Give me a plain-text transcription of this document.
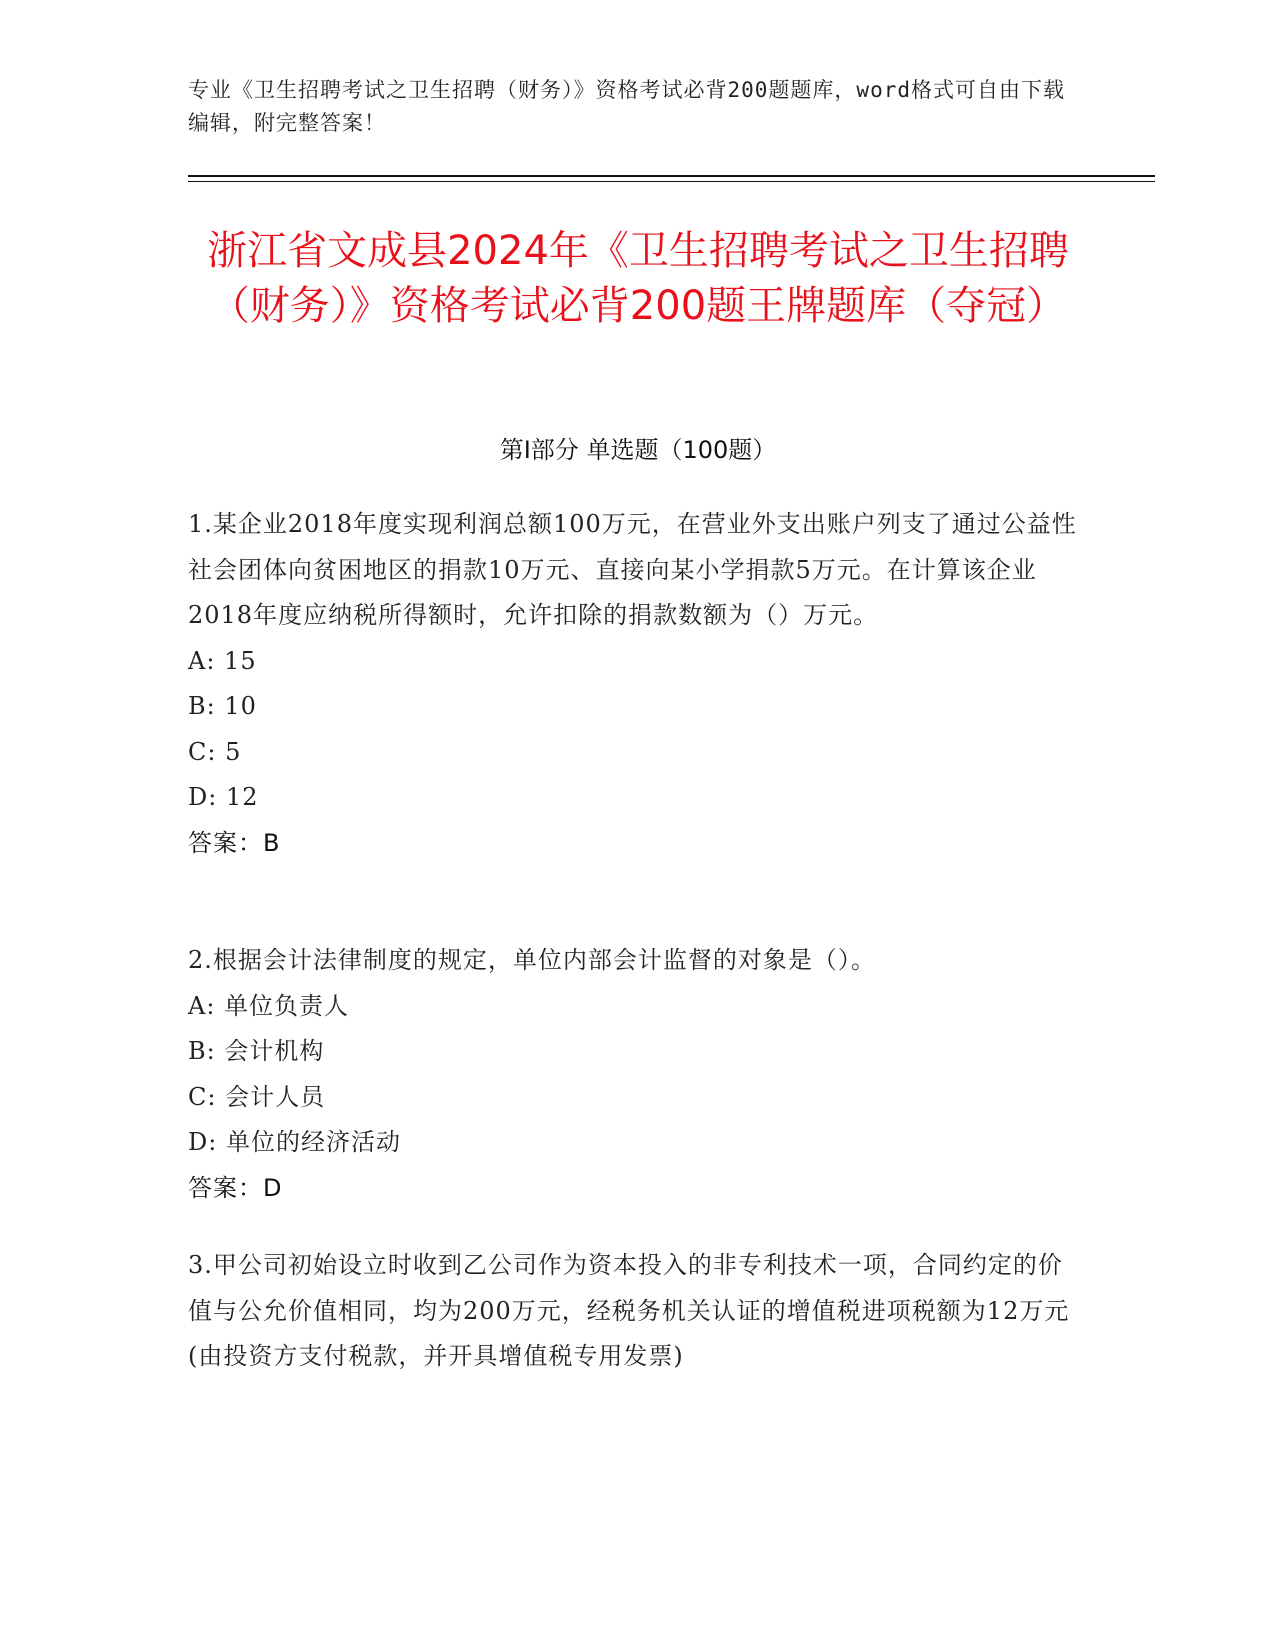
专业《卫生招聘考试之卫生招聘（财务）》资格考试必背200题题库，word格式可自由下载编辑，附完整答案！
浙江省文成县2024年《卫生招聘考试之卫生招聘（财务）》资格考试必背200题王牌题库（夺冠）
第I部分 单选题（100题）
1.某企业2018年度实现利润总额100万元，在营业外支出账户列支了通过公益性社会团体向贫困地区的捐款10万元、直接向某小学捐款5万元。在计算该企业2018年度应纳税所得额时，允许扣除的捐款数额为（）万元。
A: 15
B: 10
C: 5
D: 12
答案：B
2.根据会计法律制度的规定，单位内部会计监督的对象是（）。
A: 单位负责人
B: 会计机构
C: 会计人员
D: 单位的经济活动
答案：D
3.甲公司初始设立时收到乙公司作为资本投入的非专利技术一项，合同约定的价值与公允价值相同，均为200万元，经税务机关认证的增值税进项税额为12万元(由投资方支付税款，并开具增值税专用发票)
